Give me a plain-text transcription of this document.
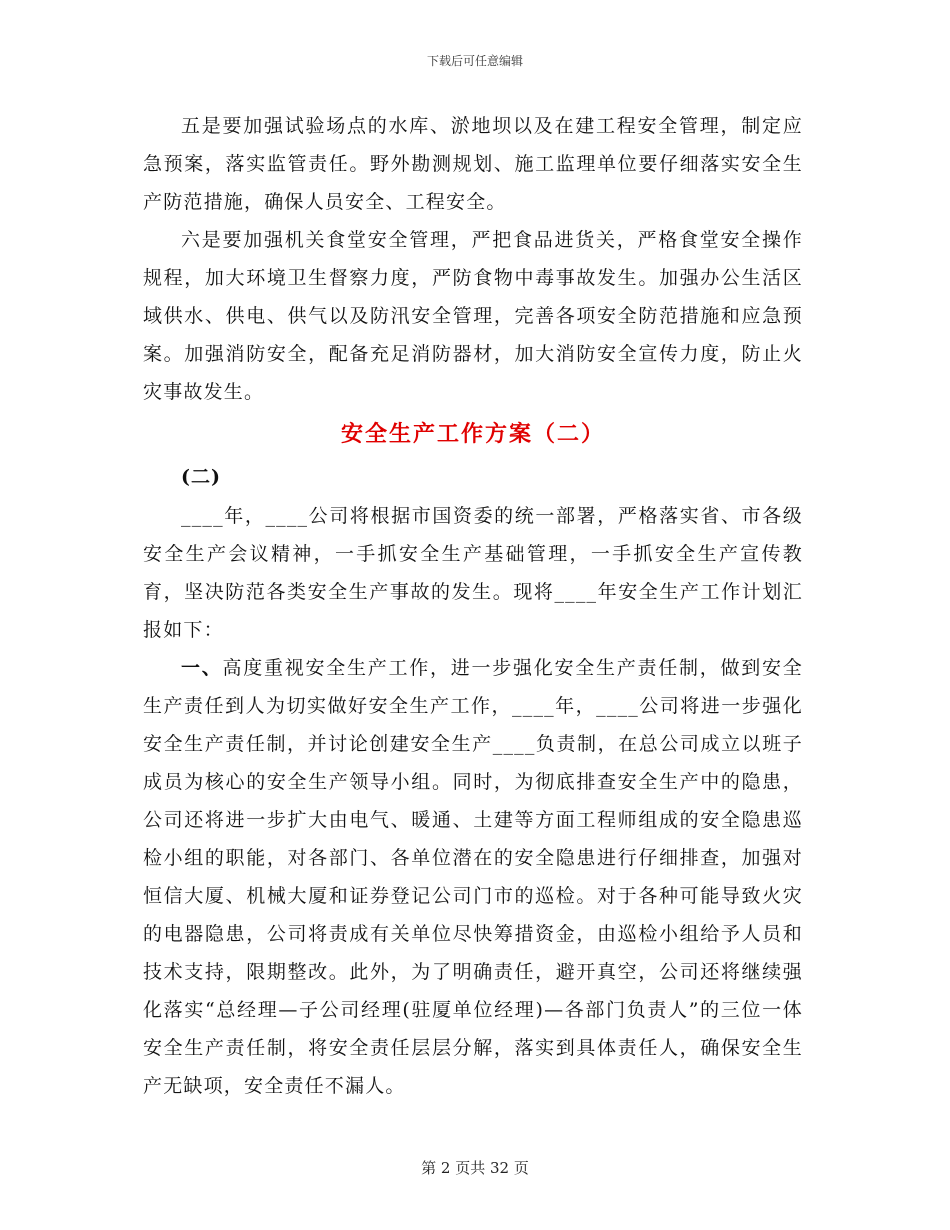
下载后可任意编辑

五是要加强试验场点的水库、淤地坝以及在建工程安全管理，制定应急预案，落实监管责任。野外勘测规划、施工监理单位要仔细落实安全生产防范措施，确保人员安全、工程安全。

六是要加强机关食堂安全管理，严把食品进货关，严格食堂安全操作规程，加大环境卫生督察力度，严防食物中毒事故发生。加强办公生活区域供水、供电、供气以及防汛安全管理，完善各项安全防范措施和应急预案。加强消防安全，配备充足消防器材，加大消防安全宣传力度，防止火灾事故发生。

安全生产工作方案（二）

(二)

____年，____公司将根据市国资委的统一部署，严格落实省、市各级安全生产会议精神，一手抓安全生产基础管理，一手抓安全生产宣传教育，坚决防范各类安全生产事故的发生。现将____年安全生产工作计划汇报如下：

一、高度重视安全生产工作，进一步强化安全生产责任制，做到安全生产责任到人为切实做好安全生产工作，____年，____公司将进一步强化安全生产责任制，并讨论创建安全生产____负责制，在总公司成立以班子成员为核心的安全生产领导小组。同时，为彻底排查安全生产中的隐患，公司还将进一步扩大由电气、暖通、土建等方面工程师组成的安全隐患巡检小组的职能，对各部门、各单位潜在的安全隐患进行仔细排查，加强对恒信大厦、机械大厦和证券登记公司门市的巡检。对于各种可能导致火灾的电器隐患，公司将责成有关单位尽快筹措资金，由巡检小组给予人员和技术支持，限期整改。此外，为了明确责任，避开真空，公司还将继续强化落实“总经理—子公司经理(驻厦单位经理)—各部门负责人”的三位一体安全生产责任制，将安全责任层层分解，落实到具体责任人，确保安全生产无缺项，安全责任不漏人。

第 2 页共 32 页
